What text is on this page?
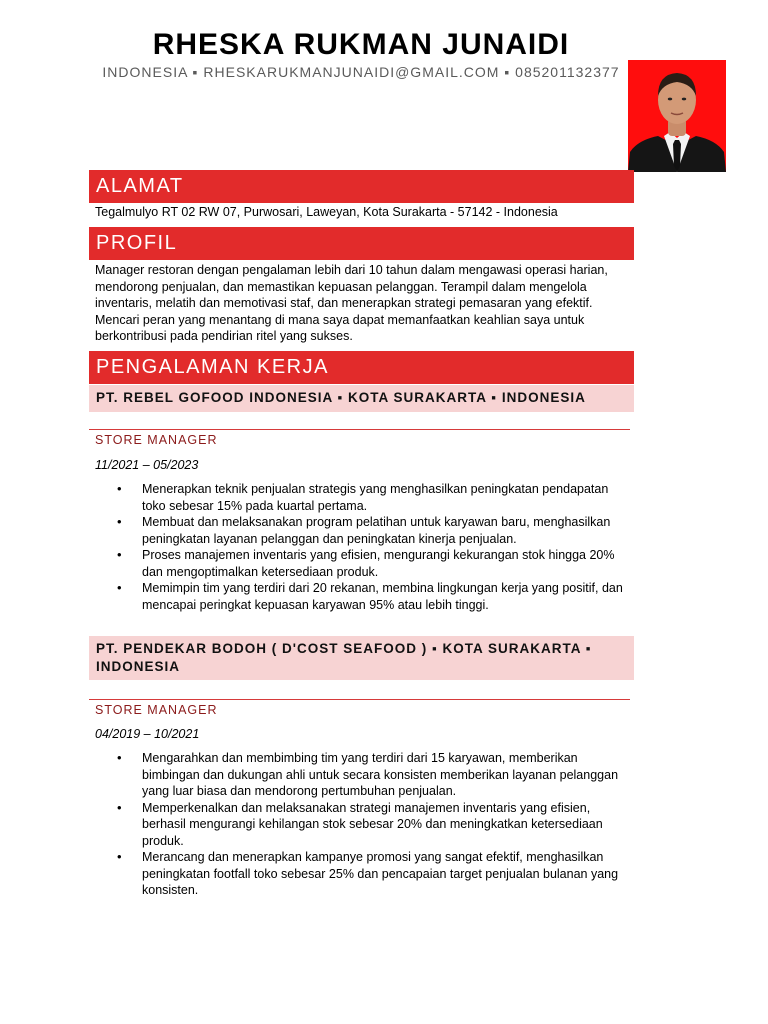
RHESKA RUKMAN JUNAIDI
INDONESIA ▪ RHESKARUKMANJUNAIDI@GMAIL.COM ▪ 085201132377
ALAMAT
Tegalmulyo RT 02 RW 07, Purwosari, Laweyan, Kota Surakarta - 57142 - Indonesia
PROFIL
Manager restoran dengan pengalaman lebih dari 10 tahun dalam mengawasi operasi harian, mendorong penjualan, dan memastikan kepuasan pelanggan. Terampil dalam mengelola inventaris, melatih dan memotivasi staf, dan menerapkan strategi pemasaran yang efektif. Mencari peran yang menantang di mana saya dapat memanfaatkan keahlian saya untuk berkontribusi pada pendirian ritel yang sukses.
PENGALAMAN KERJA
PT. REBEL GOFOOD INDONESIA ▪ KOTA SURAKARTA ▪ INDONESIA
STORE MANAGER
11/2021 – 05/2023
• Menerapkan teknik penjualan strategis yang menghasilkan peningkatan pendapatan toko sebesar 15% pada kuartal pertama.
• Membuat dan melaksanakan program pelatihan untuk karyawan baru, menghasilkan peningkatan layanan pelanggan dan peningkatan kinerja penjualan.
• Proses manajemen inventaris yang efisien, mengurangi kekurangan stok hingga 20% dan mengoptimalkan ketersediaan produk.
• Memimpin tim yang terdiri dari 20 rekanan, membina lingkungan kerja yang positif, dan mencapai peringkat kepuasan karyawan 95% atau lebih tinggi.
PT. PENDEKAR BODOH ( D'COST SEAFOOD ) ▪ KOTA SURAKARTA ▪ INDONESIA
STORE MANAGER
04/2019 – 10/2021
• Mengarahkan dan membimbing tim yang terdiri dari 15 karyawan, memberikan bimbingan dan dukungan ahli untuk secara konsisten memberikan layanan pelanggan yang luar biasa dan mendorong pertumbuhan penjualan.
• Memperkenalkan dan melaksanakan strategi manajemen inventaris yang efisien, berhasil mengurangi kehilangan stok sebesar 20% dan meningkatkan ketersediaan produk.
• Merancang dan menerapkan kampanye promosi yang sangat efektif, menghasilkan peningkatan footfall toko sebesar 25% dan pencapaian target penjualan bulanan yang konsisten.
